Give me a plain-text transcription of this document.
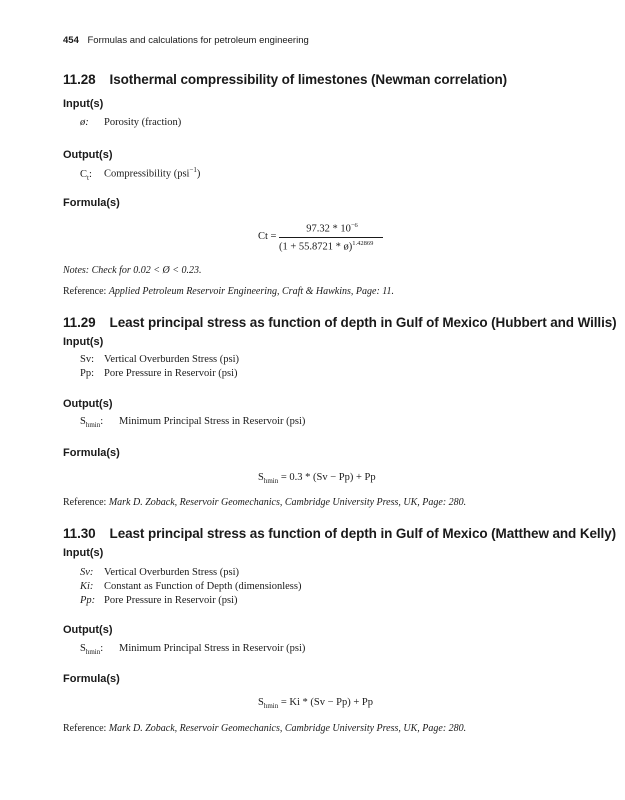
454 Formulas and calculations for petroleum engineering
11.28 Isothermal compressibility of limestones (Newman correlation)
Input(s)
ø: Porosity (fraction)
Output(s)
$C_t$: Compressibility (psi$^{-1}$)
Formula(s)
Ct =
$97.32 * 10^{-6}$
(1 + 55.8721 * ø)$^{1.42869}$
Notes: Check for 0.02 < Ø < 0.23.
Reference: Applied Petroleum Reservoir Engineering, Craft & Hawkins, Page: 11.
11.29 Least principal stress as function of depth in Gulf of Mexico (Hubbert and Willis)
Input(s)
Sv: Vertical Overburden Stress (psi)
Pp: Pore Pressure in Reservoir (psi)
Output(s)
$S_{hmin}$: Minimum Principal Stress in Reservoir (psi)
Formula(s)
$S_{hmin} = 0.3 * (Sv - Pp) + Pp$
Reference: Mark D. Zoback, Reservoir Geomechanics, Cambridge University Press, UK, Page: 280.
11.30 Least principal stress as function of depth in Gulf of Mexico (Matthew and Kelly)
Input(s)
Sv: Vertical Overburden Stress (psi)
Ki: Constant as Function of Depth (dimensionless)
Pp: Pore Pressure in Reservoir (psi)
Output(s)
$S_{hmin}$: Minimum Principal Stress in Reservoir (psi)
Formula(s)
$S_{hmin} = Ki * (Sv - Pp) + Pp$
Reference: Mark D. Zoback, Reservoir Geomechanics, Cambridge University Press, UK, Page: 280.
